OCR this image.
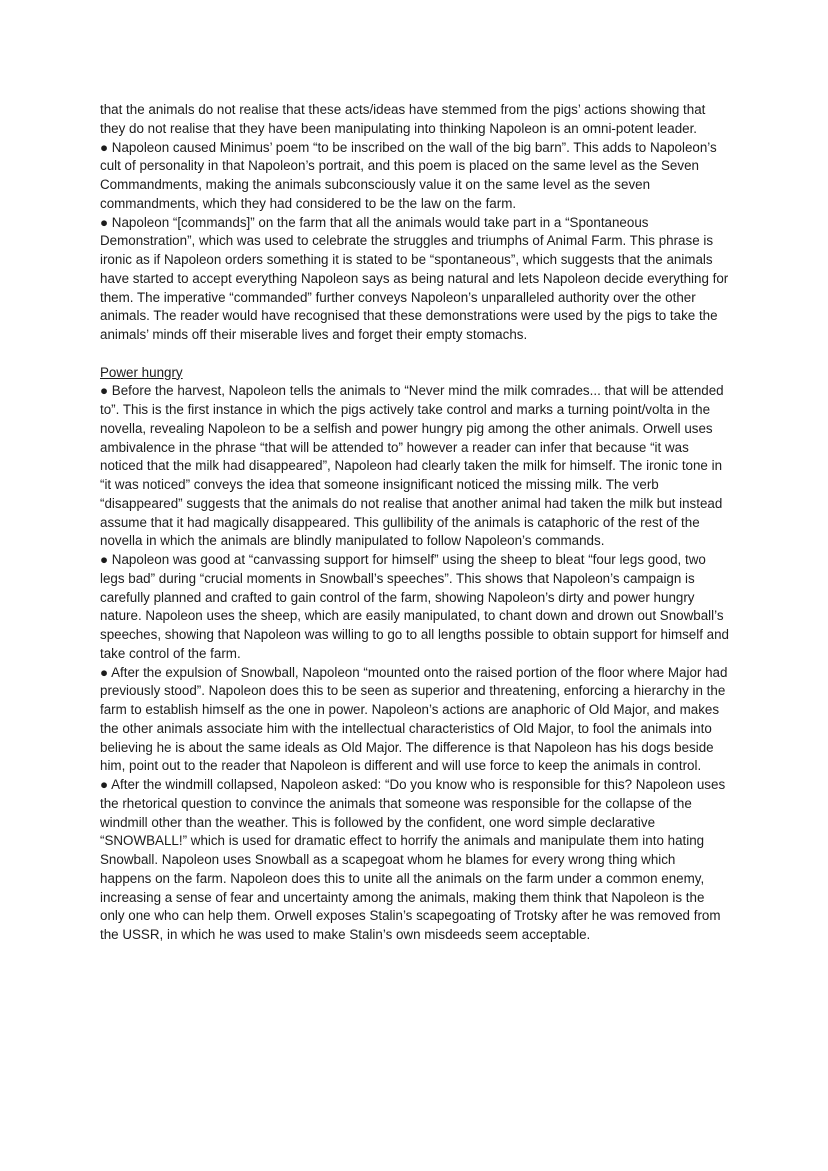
that the animals do not realise that these acts/ideas have stemmed from the pigs’ actions showing that they do not realise that they have been manipulating into thinking Napoleon is an omni-potent leader.

● Napoleon caused Minimus’ poem “to be inscribed on the wall of the big barn”. This adds to Napoleon’s cult of personality in that Napoleon’s portrait, and this poem is placed on the same level as the Seven Commandments, making the animals subconsciously value it on the same level as the seven commandments, which they had considered to be the law on the farm.

● Napoleon “[commands]” on the farm that all the animals would take part in a “Spontaneous Demonstration”, which was used to celebrate the struggles and triumphs of Animal Farm. This phrase is ironic as if Napoleon orders something it is stated to be “spontaneous”, which suggests that the animals have started to accept everything Napoleon says as being natural and lets Napoleon decide everything for them. The imperative “commanded” further conveys Napoleon’s unparalleled authority over the other animals. The reader would have recognised that these demonstrations were used by the pigs to take the animals’ minds off their miserable lives and forget their empty stomachs.

Power hungry

● Before the harvest, Napoleon tells the animals to “Never mind the milk comrades... that will be attended to”. This is the first instance in which the pigs actively take control and marks a turning point/volta in the novella, revealing Napoleon to be a selfish and power hungry pig among the other animals. Orwell uses ambivalence in the phrase “that will be attended to” however a reader can infer that because “it was noticed that the milk had disappeared”, Napoleon had clearly taken the milk for himself. The ironic tone in “it was noticed” conveys the idea that someone insignificant noticed the missing milk. The verb “disappeared” suggests that the animals do not realise that another animal had taken the milk but instead assume that it had magically disappeared. This gullibility of the animals is cataphoric of the rest of the novella in which the animals are blindly manipulated to follow Napoleon’s commands.

● Napoleon was good at “canvassing support for himself” using the sheep to bleat “four legs good, two legs bad” during “crucial moments in Snowball’s speeches”. This shows that Napoleon’s campaign is carefully planned and crafted to gain control of the farm, showing Napoleon’s dirty and power hungry nature. Napoleon uses the sheep, which are easily manipulated, to chant down and drown out Snowball’s speeches, showing that Napoleon was willing to go to all lengths possible to obtain support for himself and take control of the farm.

● After the expulsion of Snowball, Napoleon “mounted onto the raised portion of the floor where Major had previously stood”. Napoleon does this to be seen as superior and threatening, enforcing a hierarchy in the farm to establish himself as the one in power. Napoleon’s actions are anaphoric of Old Major, and makes the other animals associate him with the intellectual characteristics of Old Major, to fool the animals into believing he is about the same ideals as Old Major. The difference is that Napoleon has his dogs beside him, point out to the reader that Napoleon is different and will use force to keep the animals in control.

● After the windmill collapsed, Napoleon asked: “Do you know who is responsible for this? Napoleon uses the rhetorical question to convince the animals that someone was responsible for the collapse of the windmill other than the weather. This is followed by the confident, one word simple declarative “SNOWBALL!” which is used for dramatic effect to horrify the animals and manipulate them into hating Snowball. Napoleon uses Snowball as a scapegoat whom he blames for every wrong thing which happens on the farm. Napoleon does this to unite all the animals on the farm under a common enemy, increasing a sense of fear and uncertainty among the animals, making them think that Napoleon is the only one who can help them. Orwell exposes Stalin’s scapegoating of Trotsky after he was removed from the USSR, in which he was used to make Stalin’s own misdeeds seem acceptable.
